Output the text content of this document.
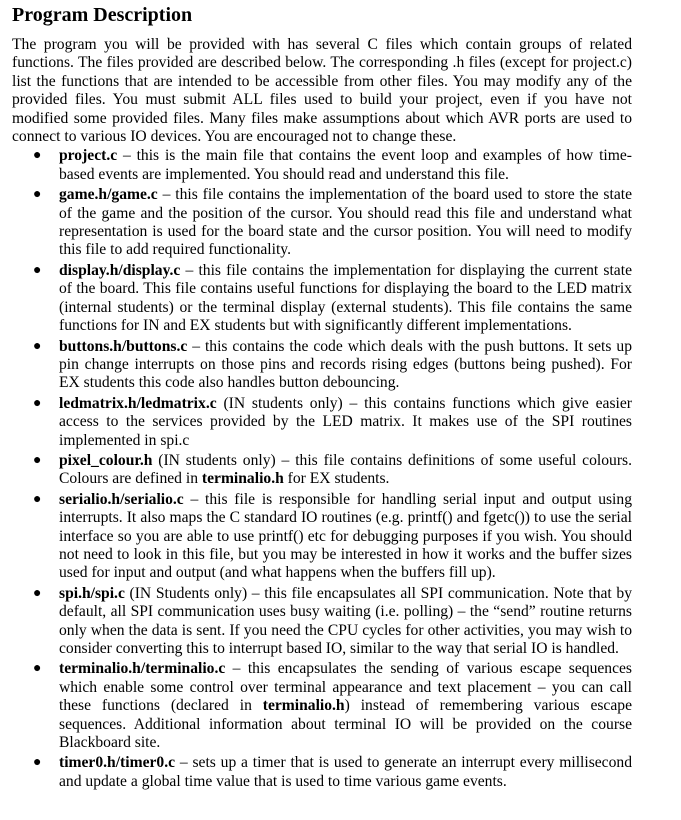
Program Description

The program you will be provided with has several C files which contain groups of related functions. The files provided are described below. The corresponding .h files (except for project.c) list the functions that are intended to be accessible from other files. You may modify any of the provided files. You must submit ALL files used to build your project, even if you have not modified some provided files. Many files make assumptions about which AVR ports are used to connect to various IO devices. You are encouraged not to change these.

● project.c – this is the main file that contains the event loop and examples of how time-based events are implemented. You should read and understand this file.
● game.h/game.c – this file contains the implementation of the board used to store the state of the game and the position of the cursor. You should read this file and understand what representation is used for the board state and the cursor position. You will need to modify this file to add required functionality.
● display.h/display.c – this file contains the implementation for displaying the current state of the board. This file contains useful functions for displaying the board to the LED matrix (internal students) or the terminal display (external students). This file contains the same functions for IN and EX students but with significantly different implementations.
● buttons.h/buttons.c – this contains the code which deals with the push buttons. It sets up pin change interrupts on those pins and records rising edges (buttons being pushed). For EX students this code also handles button debouncing.
● ledmatrix.h/ledmatrix.c (IN students only) – this contains functions which give easier access to the services provided by the LED matrix. It makes use of the SPI routines implemented in spi.c
● pixel_colour.h (IN students only) – this file contains definitions of some useful colours. Colours are defined in terminalio.h for EX students.
● serialio.h/serialio.c – this file is responsible for handling serial input and output using interrupts. It also maps the C standard IO routines (e.g. printf() and fgetc()) to use the serial interface so you are able to use printf() etc for debugging purposes if you wish. You should not need to look in this file, but you may be interested in how it works and the buffer sizes used for input and output (and what happens when the buffers fill up).
● spi.h/spi.c (IN Students only) – this file encapsulates all SPI communication. Note that by default, all SPI communication uses busy waiting (i.e. polling) – the “send” routine returns only when the data is sent. If you need the CPU cycles for other activities, you may wish to consider converting this to interrupt based IO, similar to the way that serial IO is handled.
● terminalio.h/terminalio.c – this encapsulates the sending of various escape sequences which enable some control over terminal appearance and text placement – you can call these functions (declared in terminalio.h) instead of remembering various escape sequences. Additional information about terminal IO will be provided on the course Blackboard site.
● timer0.h/timer0.c – sets up a timer that is used to generate an interrupt every millisecond and update a global time value that is used to time various game events.
